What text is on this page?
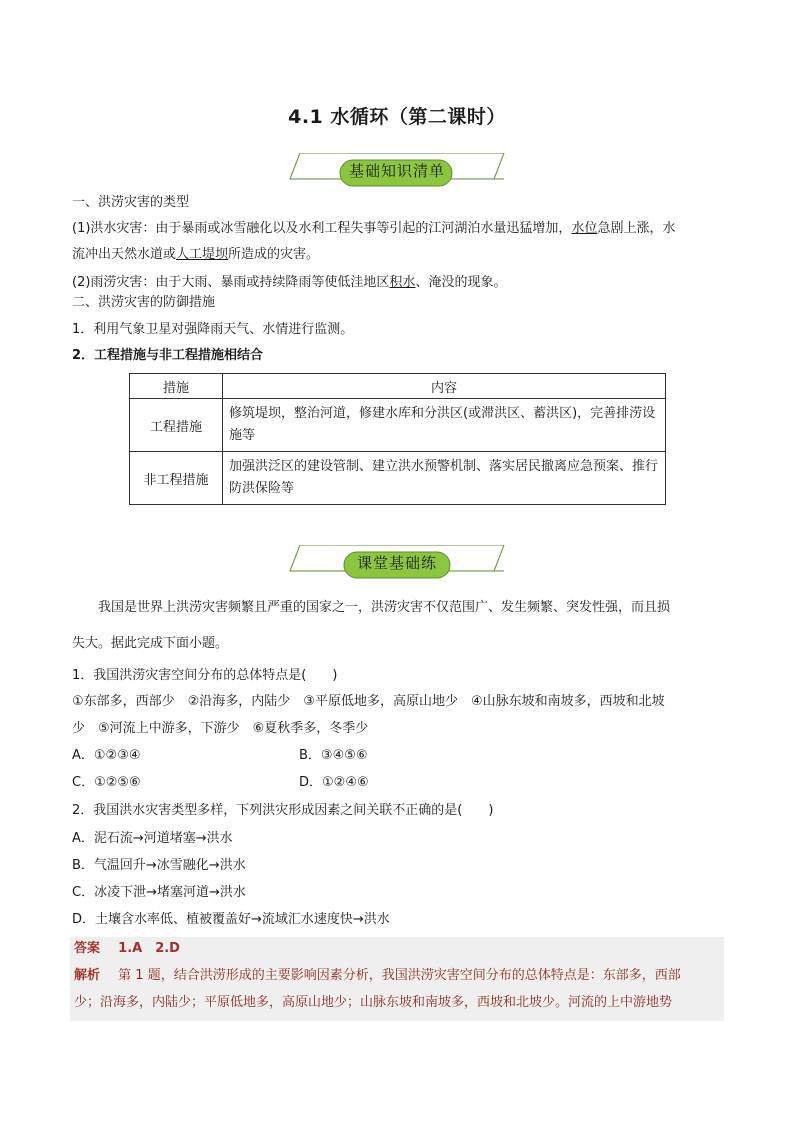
4.1 水循环（第二课时）
基础知识清单
一、洪涝灾害的类型
(1)洪水灾害：由于暴雨或冰雪融化以及水利工程失事等引起的江河湖泊水量迅猛增加，水位急剧上涨，水
流冲出天然水道或人工堤坝所造成的灾害。
(2)雨涝灾害：由于大雨、暴雨或持续降雨等使低洼地区积水、淹没的现象。
二、洪涝灾害的防御措施
1．利用气象卫星对强降雨天气、水情进行监测。
2．工程措施与非工程措施相结合
措施	内容
工程措施	修筑堤坝，整治河道，修建水库和分洪区(或滞洪区、蓄洪区)，完善排涝设施等
非工程措施	加强洪泛区的建设管制、建立洪水预警机制、落实居民撤离应急预案、推行防洪保险等
课堂基础练
我国是世界上洪涝灾害频繁且严重的国家之一，洪涝灾害不仅范围广、发生频繁、突发性强，而且损
失大。据此完成下面小题。
1．我国洪涝灾害空间分布的总体特点是(　　)
①东部多，西部少　②沿海多，内陆少　③平原低地多，高原山地少　④山脉东坡和南坡多，西坡和北坡
少　⑤河流上中游多，下游少　⑥夏秋季多，冬季少
A．①②③④	B．③④⑤⑥
C．①②⑤⑥	D．①②④⑥
2．我国洪水灾害类型多样，下列洪灾形成因素之间关联不正确的是(　　)
A．泥石流→河道堵塞→洪水
B．气温回升→冰雪融化→洪水
C．冰凌下泄→堵塞河道→洪水
D．土壤含水率低、植被覆盖好→流域汇水速度快→洪水
答案 1.A　2.D
解析 第 1 题，结合洪涝形成的主要影响因素分析，我国洪涝灾害空间分布的总体特点是：东部多，西部
少；沿海多，内陆少；平原低地多，高原山地少；山脉东坡和南坡多，西坡和北坡少。河流的上中游地势
